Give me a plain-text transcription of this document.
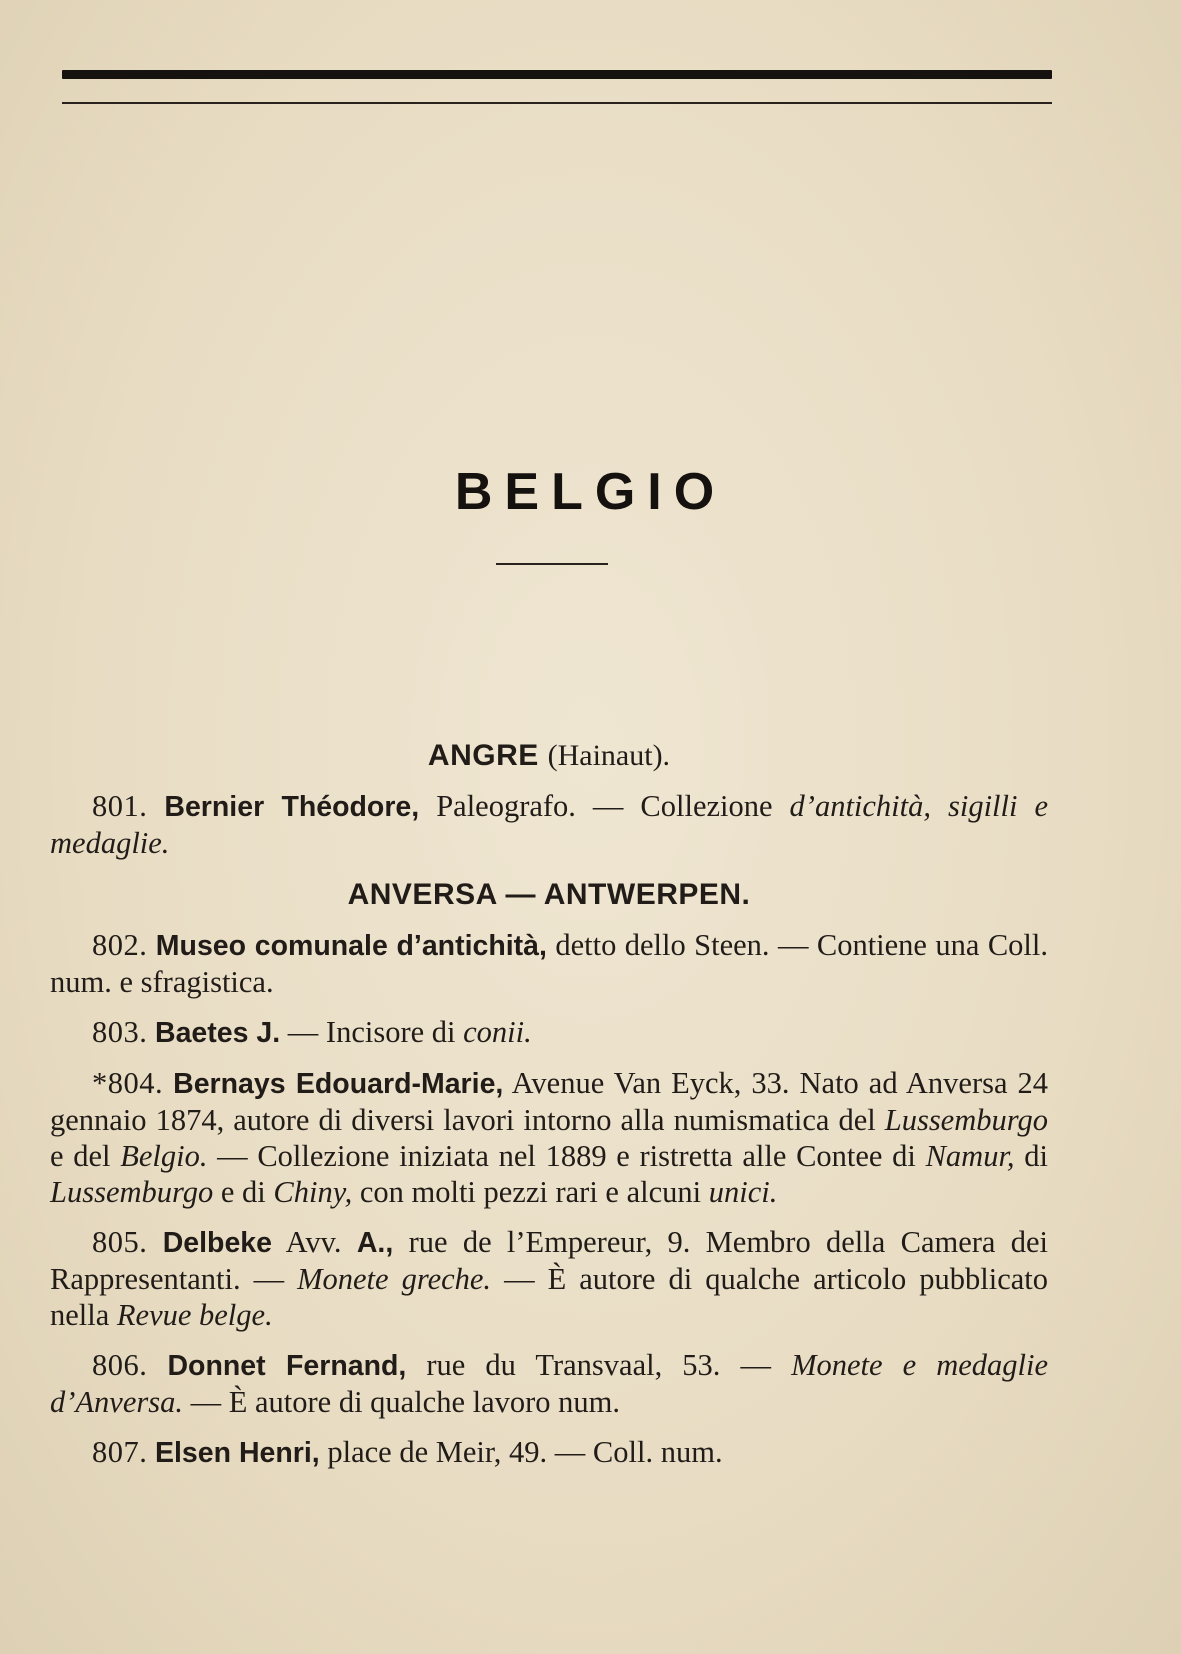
BELGIO
ANGRE (Hainaut).

801. Bernier Théodore, Paleografo. — Collezione d’antichità, sigilli e medaglie.

ANVERSA — ANTWERPEN.

802. Museo comunale d’antichità, detto dello Steen. — Contiene una Coll. num. e sfragistica.

803. Baetes J. — Incisore di conii.

*804. Bernays Edouard-Marie, Avenue Van Eyck, 33. Nato ad Anversa 24 gennaio 1874, autore di diversi lavori intorno alla numismatica del Lussemburgo e del Belgio. — Collezione iniziata nel 1889 e ristretta alle Contee di Namur, di Lussemburgo e di Chiny, con molti pezzi rari e alcuni unici.

805. Delbeke Avv. A., rue de l’Empereur, 9. Membro della Camera dei Rappresentanti. — Monete greche. — È autore di qualche articolo pubblicato nella Revue belge.

806. Donnet Fernand, rue du Transvaal, 53. — Monete e medaglie d’Anversa. — È autore di qualche lavoro num.

807. Elsen Henri, place de Meir, 49. — Coll. num.
